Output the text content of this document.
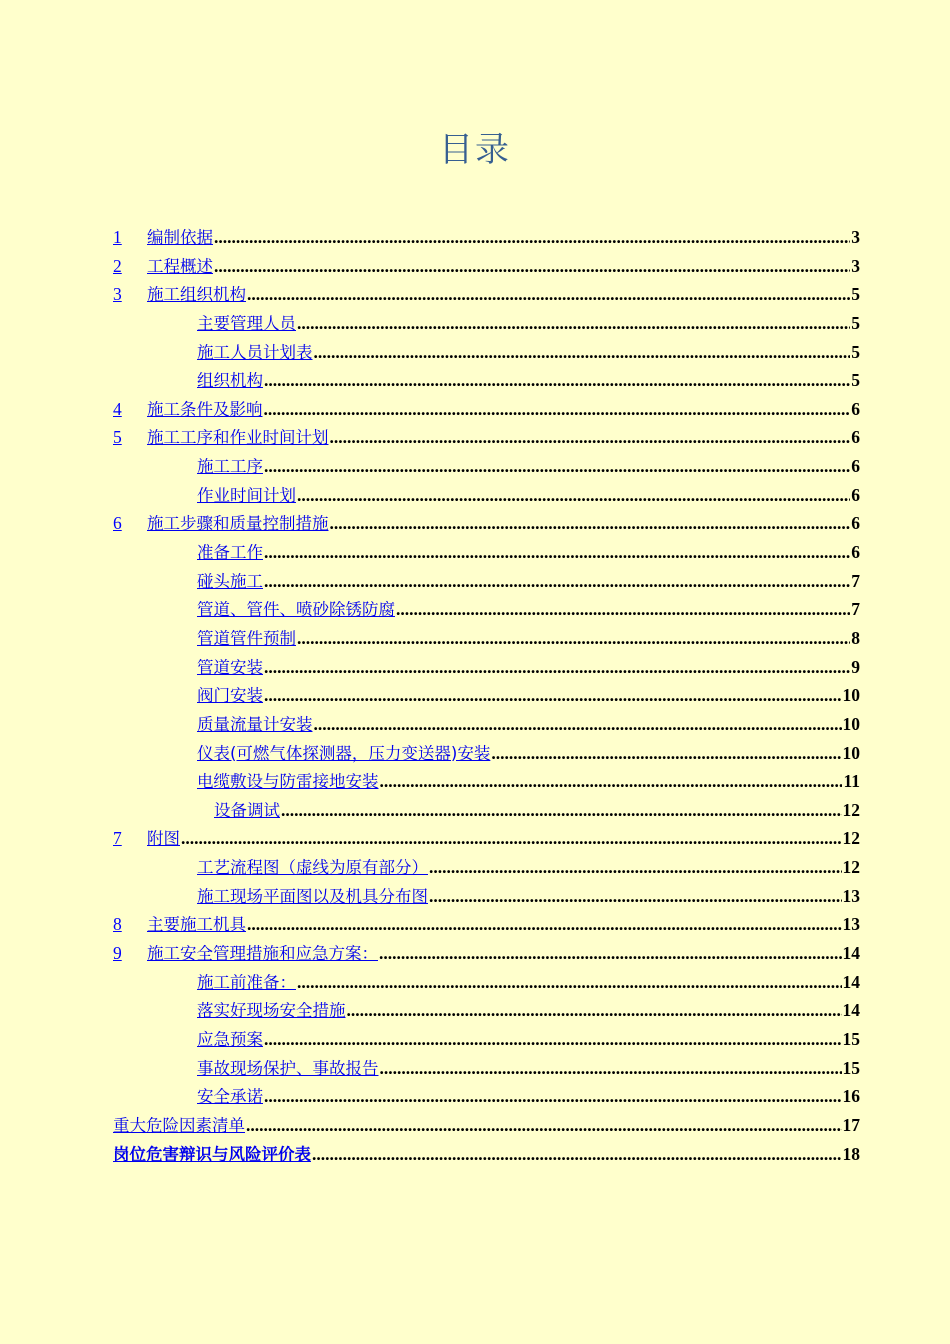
目录
1	编制依据 .....	3
2	工程概述 .....	3
3	施工组织机构 .....	5
主要管理人员 .....	5
施工人员计划表 .....	5
组织机构 .....	5
4	施工条件及影响 .....	6
5	施工工序和作业时间计划 .....	6
施工工序 .....	6
作业时间计划 .....	6
6	施工步骤和质量控制措施 .....	6
准备工作 .....	6
碰头施工 .....	7
管道、管件、喷砂除锈防腐 .....	7
管道管件预制 .....	8
管道安装 .....	9
阀门安装 .....	10
质量流量计安装 .....	10
仪表(可燃气体探测器，压力变送器)安装 .....	10
电缆敷设与防雷接地安装 .....	11
设备调试 .....	12
7	附图 .....	12
工艺流程图（虚线为原有部分） .....	12
施工现场平面图以及机具分布图 .....	13
8	主要施工机具 .....	13
9	施工安全管理措施和应急方案： .....	14
施工前准备： .....	14
落实好现场安全措施 .....	14
应急预案 .....	15
事故现场保护、事故报告 .....	15
安全承诺 .....	16
重大危险因素清单 .....	17
岗位危害辩识与风险评价表 .....	18
